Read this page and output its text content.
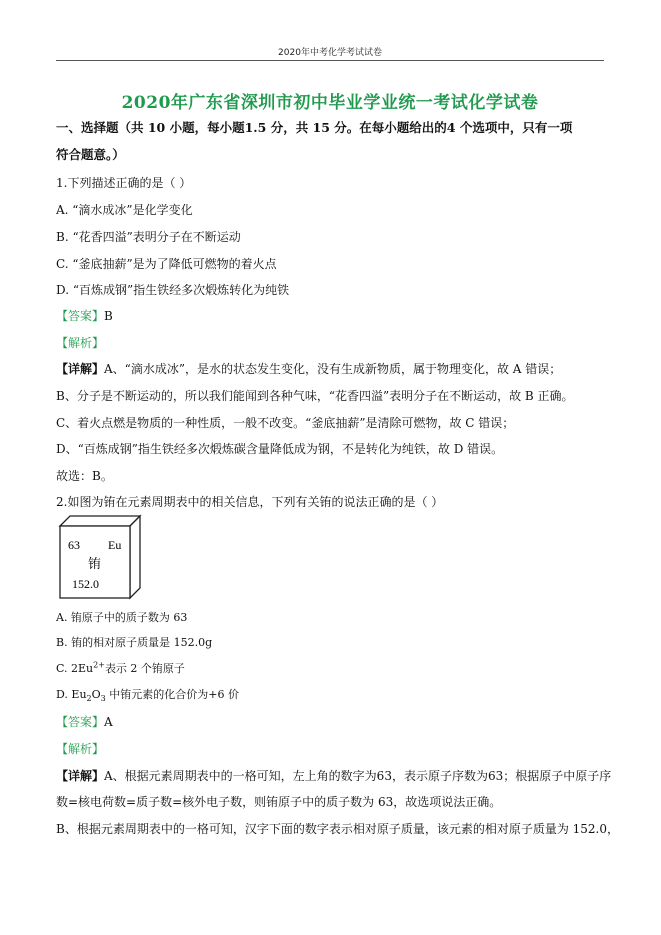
2020年中考化学考试试卷
2020年广东省深圳市初中毕业学业统一考试化学试卷
一、选择题（共 10 小题，每小题1.5 分，共 15 分。在每小题给出的4 个选项中，只有一项
符合题意。）
1.下列描述正确的是（ ）
A. “滴水成冰”是化学变化
B. “花香四溢”表明分子在不断运动
C. “釜底抽薪”是为了降低可燃物的着火点
D. “百炼成钢”指生铁经多次煅炼转化为纯铁
【答案】B
【解析】
【详解】A、“滴水成冰”，是水的状态发生变化，没有生成新物质，属于物理变化，故 A 错误；
B、分子是不断运动的，所以我们能闻到各种气味，“花香四溢”表明分子在不断运动，故 B 正确。
C、着火点燃是物质的一种性质，一般不改变。“釜底抽薪”是清除可燃物，故 C 错误；
D、“百炼成钢”指生铁经多次煅炼碳含量降低成为钢，不是转化为纯铁，故 D 错误。
故选：B。
2.如图为铕在元素周期表中的相关信息，下列有关铕的说法正确的是（ ）
63 Eu
铕
152.0
A. 铕原子中的质子数为 63
B. 铕的相对原子质量是 152.0g
C. $2Eu^{2+}$表示 2 个铕原子
D. $Eu_2O_3$ 中铕元素的化合价为+6 价
【答案】A
【解析】
【详解】A、根据元素周期表中的一格可知，左上角的数字为63，表示原子序数为63；根据原子中原子序
数=核电荷数=质子数=核外电子数，则铕原子中的质子数为 63，故选项说法正确。
B、根据元素周期表中的一格可知，汉字下面的数字表示相对原子质量，该元素的相对原子质量为 152.0，
